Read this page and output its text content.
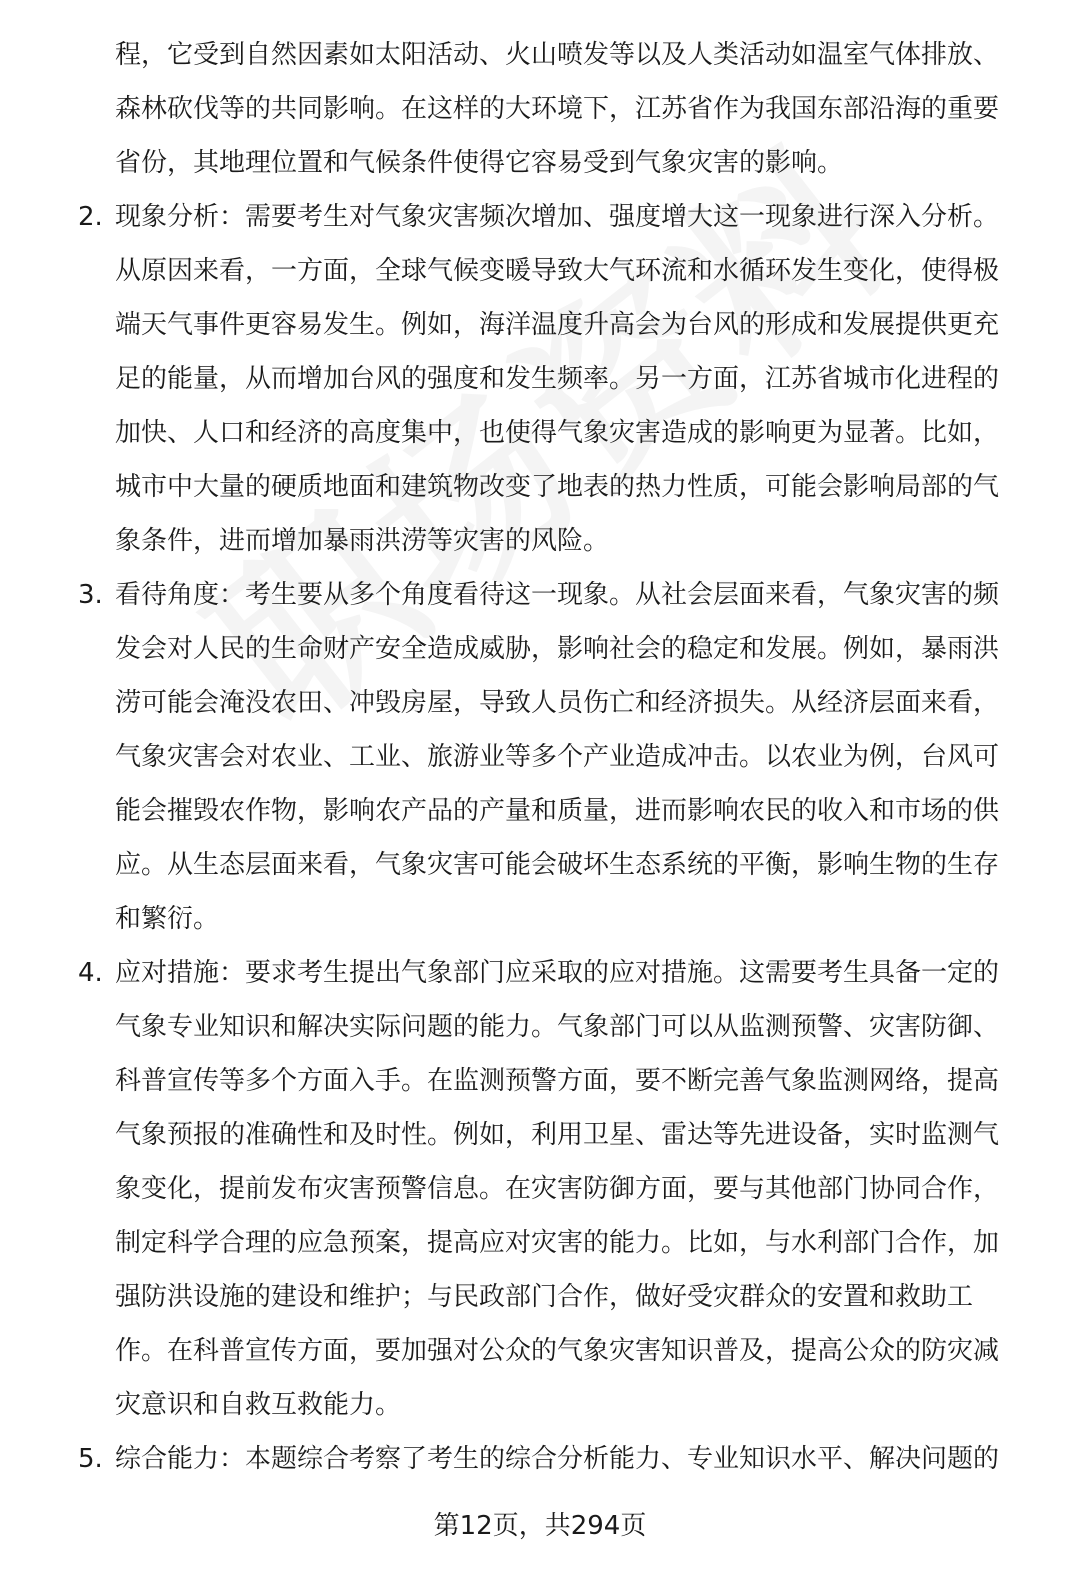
程，它受到自然因素如太阳活动、火山喷发等以及人类活动如温室气体排放、
森林砍伐等的共同影响。在这样的大环境下，江苏省作为我国东部沿海的重要
省份，其地理位置和气候条件使得它容易受到气象灾害的影响。
2. 现象分析：需要考生对气象灾害频次增加、强度增大这一现象进行深入分析。
从原因来看，一方面，全球气候变暖导致大气环流和水循环发生变化，使得极
端天气事件更容易发生。例如，海洋温度升高会为台风的形成和发展提供更充
足的能量，从而增加台风的强度和发生频率。另一方面，江苏省城市化进程的
加快、人口和经济的高度集中，也使得气象灾害造成的影响更为显著。比如，
城市中大量的硬质地面和建筑物改变了地表的热力性质，可能会影响局部的气
象条件，进而增加暴雨洪涝等灾害的风险。
3. 看待角度：考生要从多个角度看待这一现象。从社会层面来看，气象灾害的频
发会对人民的生命财产安全造成威胁，影响社会的稳定和发展。例如，暴雨洪
涝可能会淹没农田、冲毁房屋，导致人员伤亡和经济损失。从经济层面来看，
气象灾害会对农业、工业、旅游业等多个产业造成冲击。以农业为例，台风可
能会摧毁农作物，影响农产品的产量和质量，进而影响农民的收入和市场的供
应。从生态层面来看，气象灾害可能会破坏生态系统的平衡，影响生物的生存
和繁衍。
4. 应对措施：要求考生提出气象部门应采取的应对措施。这需要考生具备一定的
气象专业知识和解决实际问题的能力。气象部门可以从监测预警、灾害防御、
科普宣传等多个方面入手。在监测预警方面，要不断完善气象监测网络，提高
气象预报的准确性和及时性。例如，利用卫星、雷达等先进设备，实时监测气
象变化，提前发布灾害预警信息。在灾害防御方面，要与其他部门协同合作，
制定科学合理的应急预案，提高应对灾害的能力。比如，与水利部门合作，加
强防洪设施的建设和维护；与民政部门合作，做好受灾群众的安置和救助工
作。在科普宣传方面，要加强对公众的气象灾害知识普及，提高公众的防灾减
灾意识和自救互救能力。
5. 综合能力：本题综合考察了考生的综合分析能力、专业知识水平、解决问题的
第12页，共294页
